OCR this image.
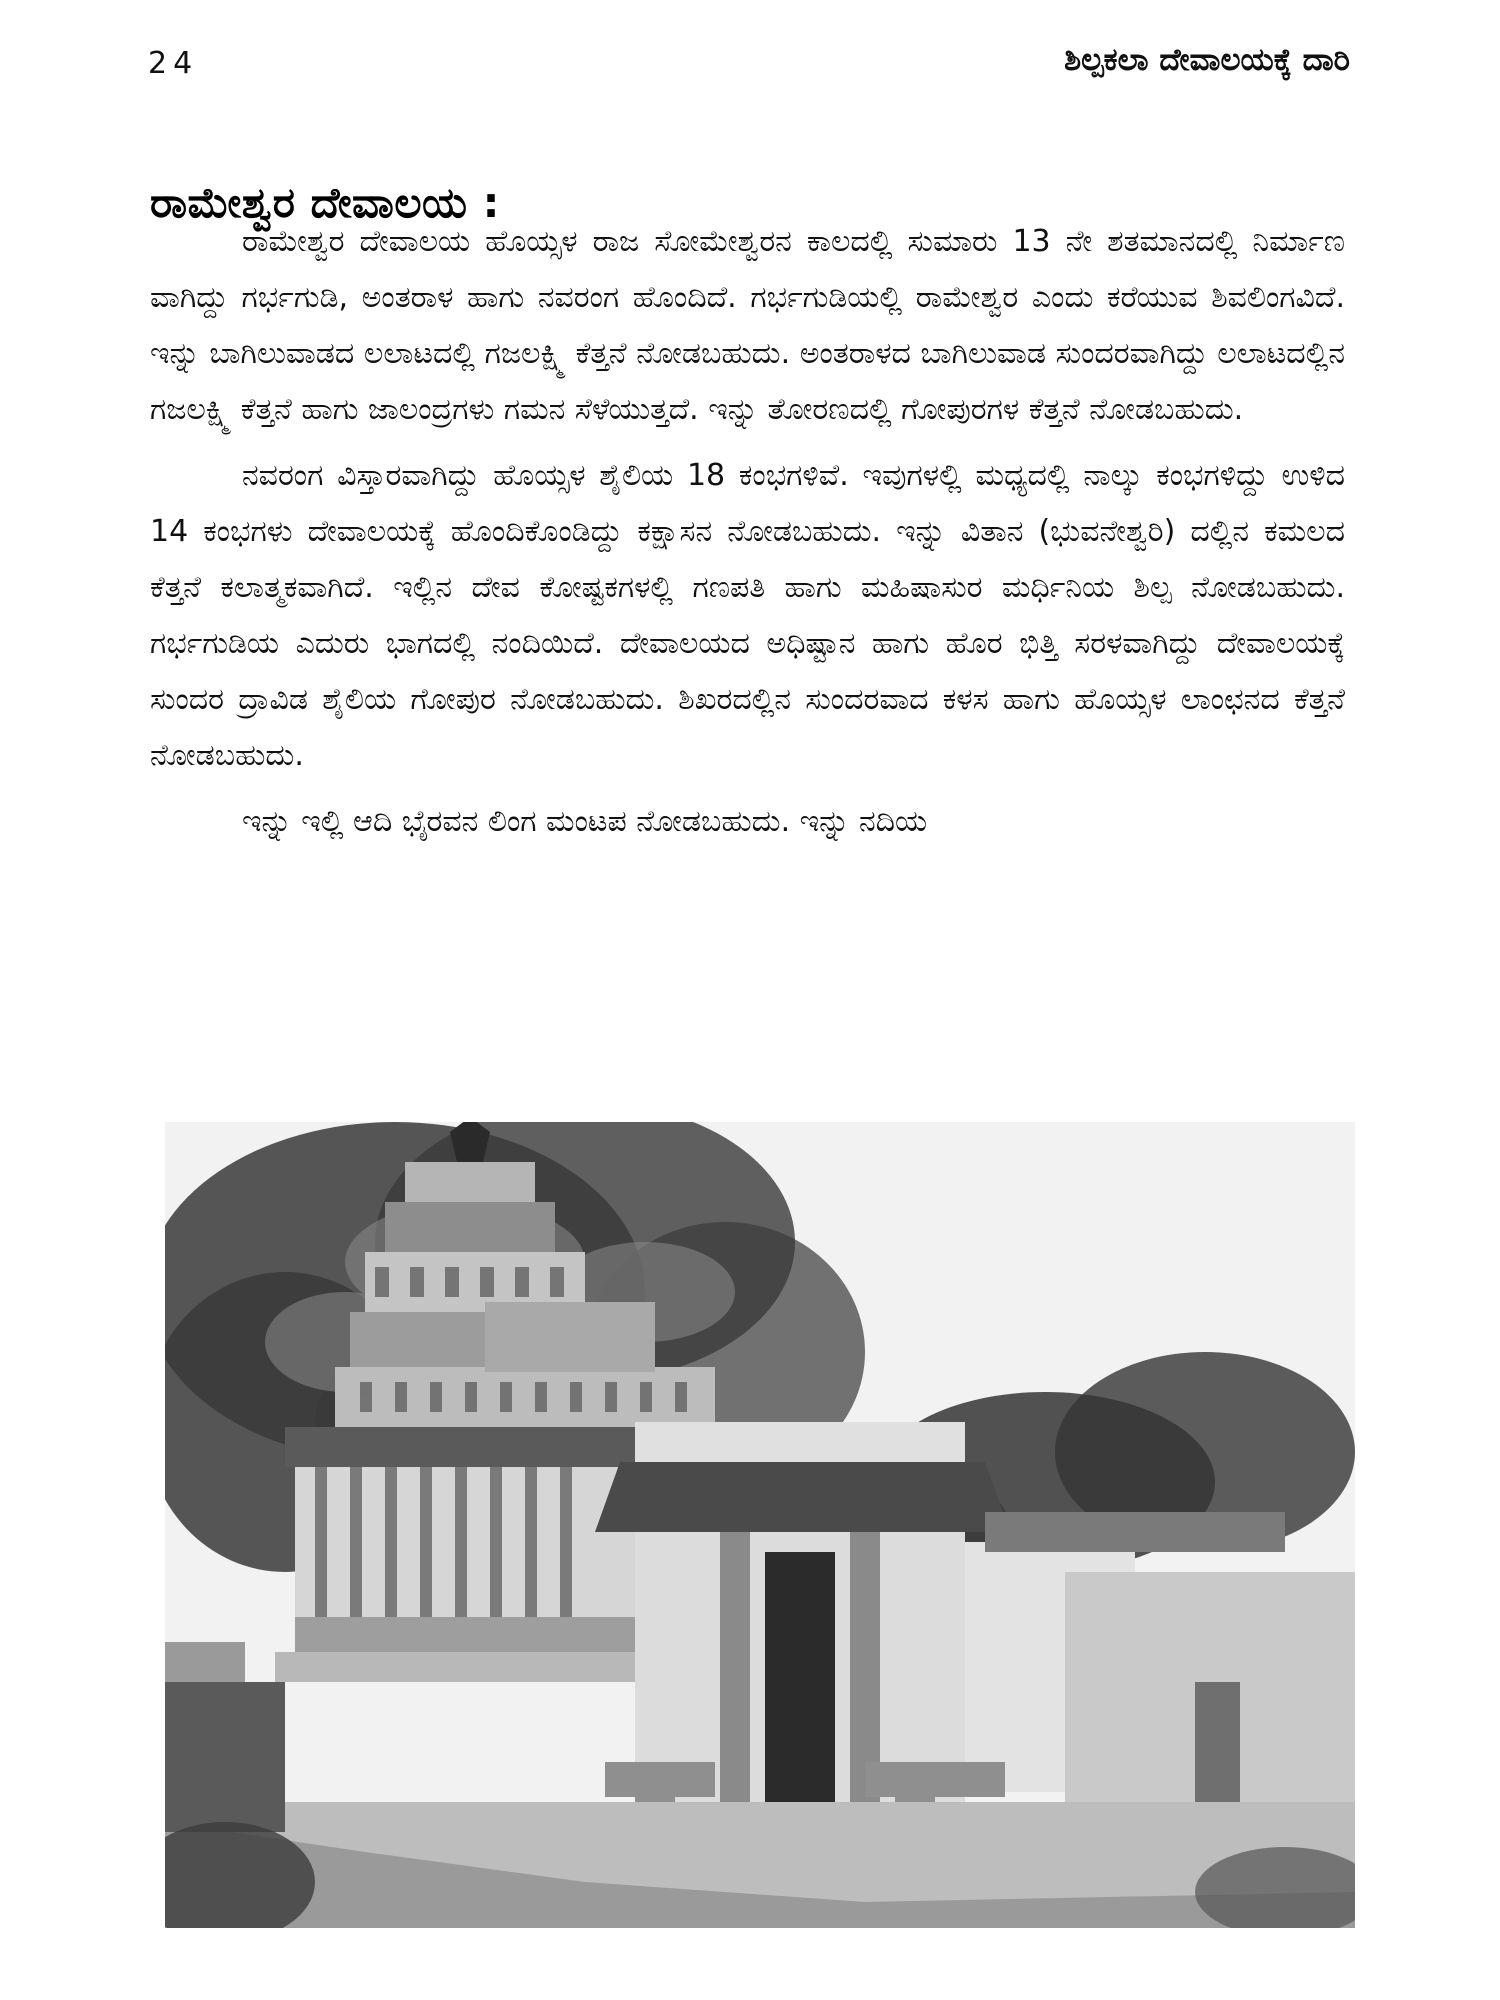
24	ಶಿಲ್ಪಕಲಾ ದೇವಾಲಯಕ್ಕೆ ದಾರಿ
ರಾಮೇಶ್ವರ ದೇವಾಲಯ :

ರಾಮೇಶ್ವರ ದೇವಾಲಯ ಹೊಯ್ಸಳ ರಾಜ ಸೋಮೇಶ್ವರನ ಕಾಲದಲ್ಲಿ ಸುಮಾರು 13 ನೇ ಶತಮಾನದಲ್ಲಿ ನಿರ್ಮಾಣ ವಾಗಿದ್ದು ಗರ್ಭಗುಡಿ, ಅಂತರಾಳ ಹಾಗು ನವರಂಗ ಹೊಂದಿದೆ. ಗರ್ಭಗುಡಿಯಲ್ಲಿ ರಾಮೇಶ್ವರ ಎಂದು ಕರೆಯುವ ಶಿವಲಿಂಗವಿದೆ. ಇನ್ನು ಬಾಗಿಲುವಾಡದ ಲಲಾಟದಲ್ಲಿ ಗಜಲಕ್ಷ್ಮಿ ಕೆತ್ತನೆ ನೋಡಬಹುದು. ಅಂತರಾಳದ ಬಾಗಿಲುವಾಡ ಸುಂದರವಾಗಿದ್ದು ಲಲಾಟದಲ್ಲಿನ ಗಜಲಕ್ಷ್ಮಿ ಕೆತ್ತನೆ ಹಾಗು ಜಾಲಂದ್ರಗಳು ಗಮನ ಸೆಳೆಯುತ್ತದೆ. ಇನ್ನು ತೋರಣದಲ್ಲಿ ಗೋಪುರಗಳ ಕೆತ್ತನೆ ನೋಡಬಹುದು.

ನವರಂಗ ವಿಸ್ತಾರವಾಗಿದ್ದು ಹೊಯ್ಸಳ ಶೈಲಿಯ 18 ಕಂಭಗಳಿವೆ. ಇವುಗಳಲ್ಲಿ ಮಧ್ಯದಲ್ಲಿ ನಾಲ್ಕು ಕಂಭಗಳಿದ್ದು ಉಳಿದ 14 ಕಂಭಗಳು ದೇವಾಲಯಕ್ಕೆ ಹೊಂದಿಕೊಂಡಿದ್ದು ಕಕ್ಷಾಸನ ನೋಡಬಹುದು. ಇನ್ನು ವಿತಾನ (ಭುವನೇಶ್ವರಿ) ದಲ್ಲಿನ ಕಮಲದ ಕೆತ್ತನೆ ಕಲಾತ್ಮಕವಾಗಿದೆ. ಇಲ್ಲಿನ ದೇವ ಕೋಷ್ಟಕಗಳಲ್ಲಿ ಗಣಪತಿ ಹಾಗು ಮಹಿಷಾಸುರ ಮರ್ಧಿನಿಯ ಶಿಲ್ಪ ನೋಡಬಹುದು. ಗರ್ಭಗುಡಿಯ ಎದುರು ಭಾಗದಲ್ಲಿ ನಂದಿಯಿದೆ. ದೇವಾಲಯದ ಅಧಿಷ್ಟಾನ ಹಾಗು ಹೊರ ಭಿತ್ತಿ ಸರಳವಾಗಿದ್ದು ದೇವಾಲಯಕ್ಕೆ ಸುಂದರ ದ್ರಾವಿಡ ಶೈಲಿಯ ಗೋಪುರ ನೋಡಬಹುದು. ಶಿಖರದಲ್ಲಿನ ಸುಂದರವಾದ ಕಳಸ ಹಾಗು ಹೊಯ್ಸಳ ಲಾಂಛನದ ಕೆತ್ತನೆ ನೋಡಬಹುದು.

ಇನ್ನು ಇಲ್ಲಿ ಆದಿ ಭೈರವನ ಲಿಂಗ ಮಂಟಪ ನೋಡಬಹುದು. ಇನ್ನು ನದಿಯ
